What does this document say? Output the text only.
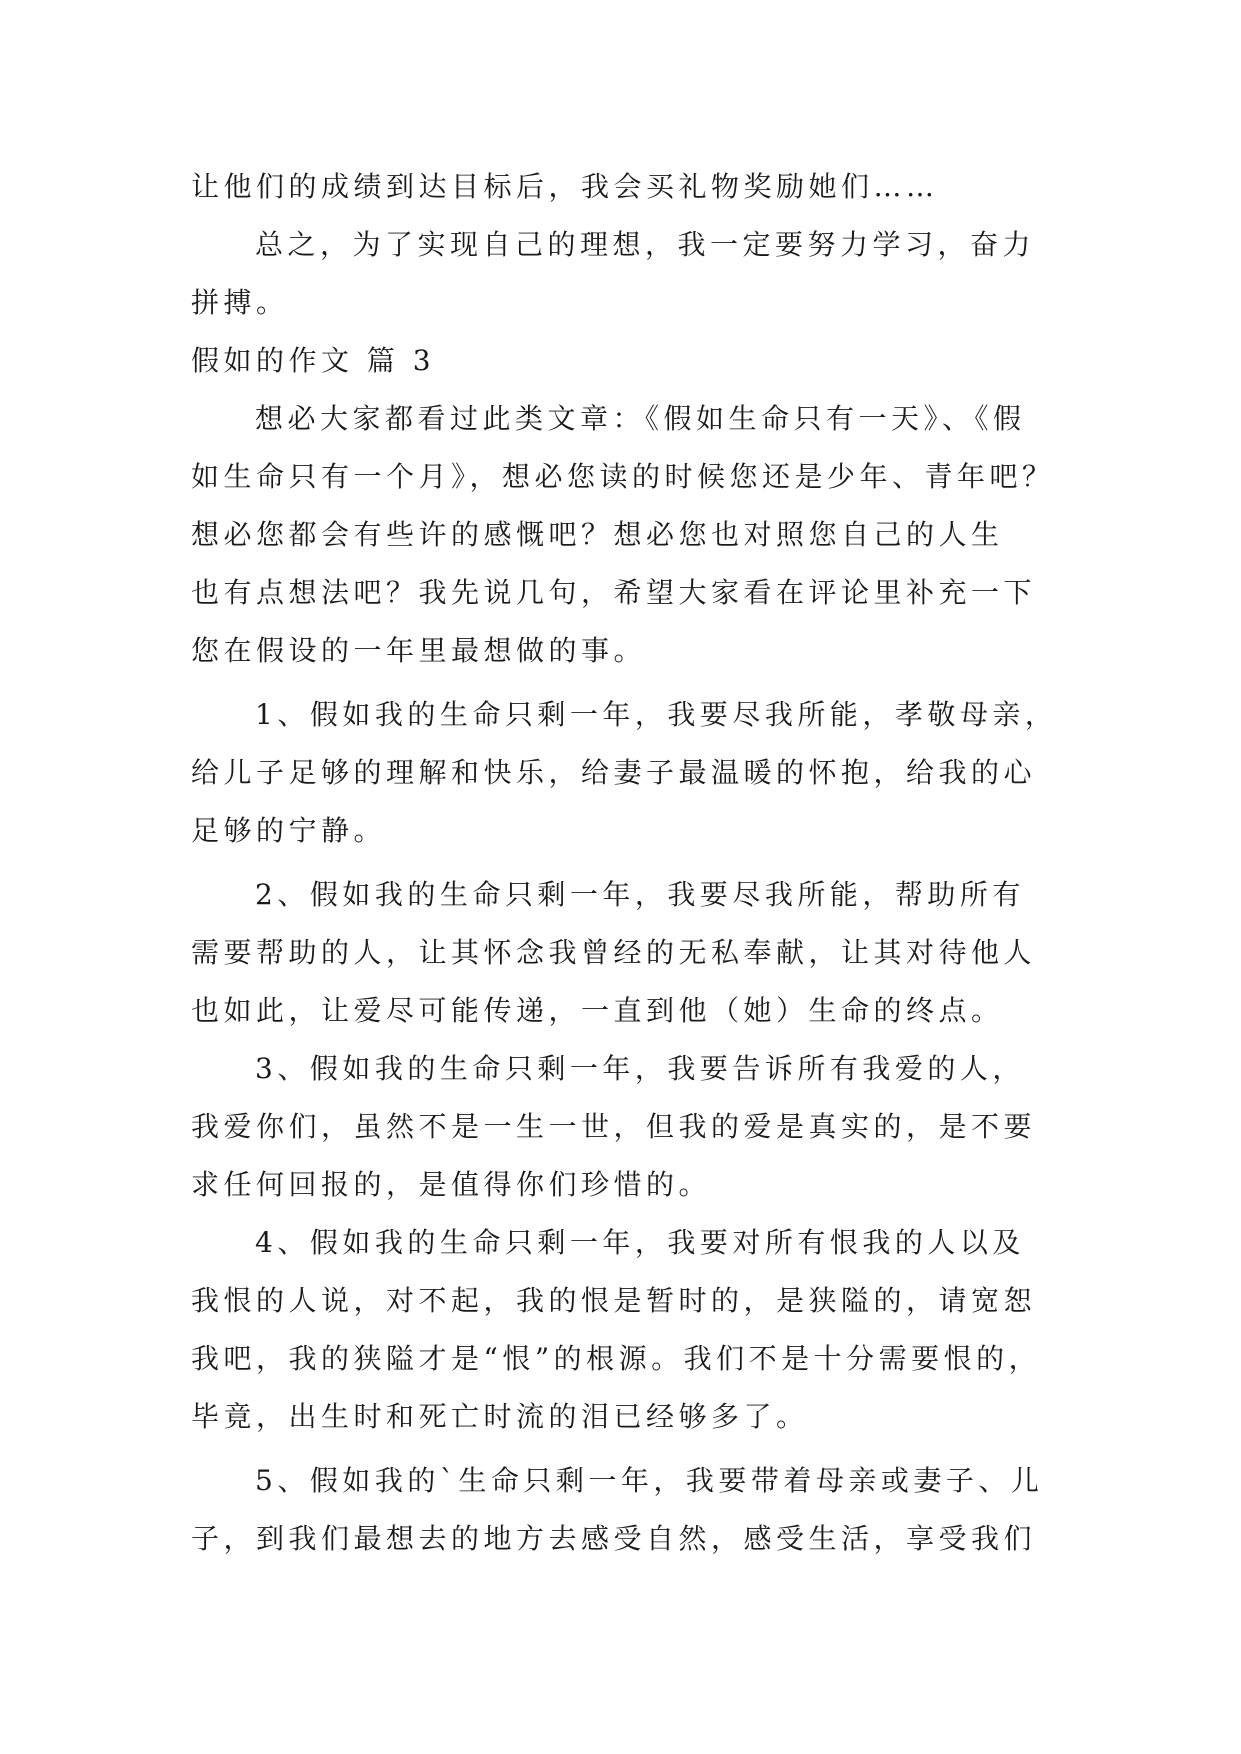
让他们的成绩到达目标后，我会买礼物奖励她们……

总之，为了实现自己的理想，我一定要努力学习，奋力

拼搏。

假如的作文 篇 3

想必大家都看过此类文章：《假如生命只有一天》、《假

如生命只有一个月》，想必您读的时候您还是少年、青年吧？

想必您都会有些许的感慨吧？想必您也对照您自己的人生

也有点想法吧？我先说几句，希望大家看在评论里补充一下

您在假设的一年里最想做的事。

1、假如我的生命只剩一年，我要尽我所能，孝敬母亲，

给儿子足够的理解和快乐，给妻子最温暖的怀抱，给我的心

足够的宁静。

2、假如我的生命只剩一年，我要尽我所能，帮助所有

需要帮助的人，让其怀念我曾经的无私奉献，让其对待他人

也如此，让爱尽可能传递，一直到他（她）生命的终点。

3、假如我的生命只剩一年，我要告诉所有我爱的人，

我爱你们，虽然不是一生一世，但我的爱是真实的，是不要

求任何回报的，是值得你们珍惜的。

4、假如我的生命只剩一年，我要对所有恨我的人以及

我恨的人说，对不起，我的恨是暂时的，是狭隘的，请宽恕

我吧，我的狭隘才是“恨”的根源。我们不是十分需要恨的，

毕竟，出生时和死亡时流的泪已经够多了。

5、假如我的`生命只剩一年，我要带着母亲或妻子、儿

子，到我们最想去的地方去感受自然，感受生活，享受我们
